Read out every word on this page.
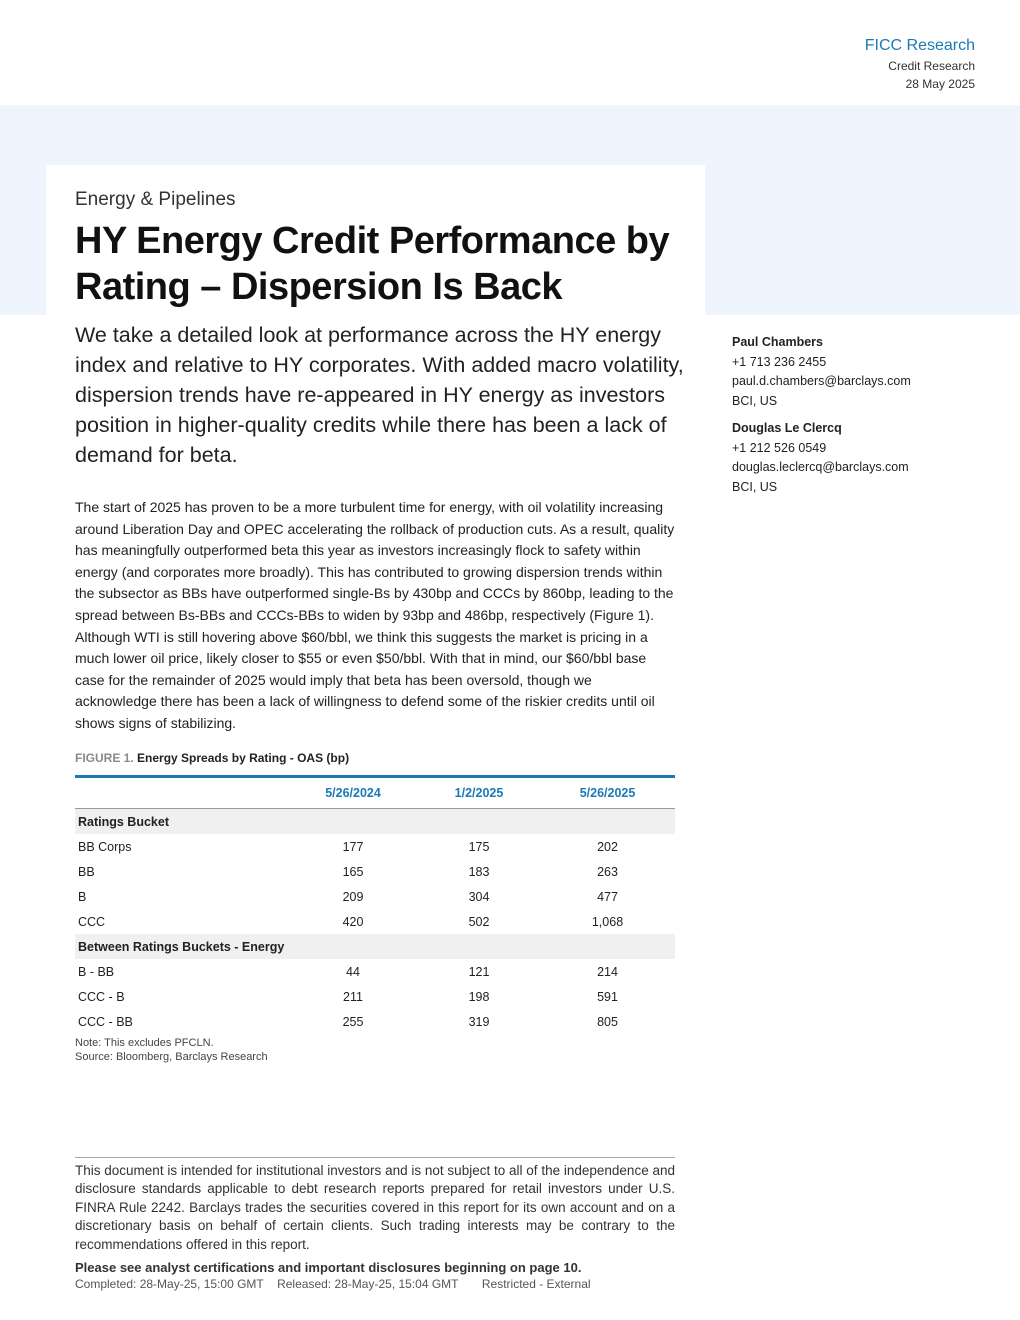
FICC Research
Credit Research
28 May 2025
Energy & Pipelines
HY Energy Credit Performance by Rating – Dispersion Is Back
We take a detailed look at performance across the HY energy index and relative to HY corporates. With added macro volatility, dispersion trends have re-appeared in HY energy as investors position in higher-quality credits while there has been a lack of demand for beta.
Paul Chambers
+1 713 236 2455
paul.d.chambers@barclays.com
BCI, US
Douglas Le Clercq
+1 212 526 0549
douglas.leclercq@barclays.com
BCI, US
The start of 2025 has proven to be a more turbulent time for energy, with oil volatility increasing around Liberation Day and OPEC accelerating the rollback of production cuts. As a result, quality has meaningfully outperformed beta this year as investors increasingly flock to safety within energy (and corporates more broadly). This has contributed to growing dispersion trends within the subsector as BBs have outperformed single-Bs by 430bp and CCCs by 860bp, leading to the spread between Bs-BBs and CCCs-BBs to widen by 93bp and 486bp, respectively (Figure 1). Although WTI is still hovering above $60/bbl, we think this suggests the market is pricing in a much lower oil price, likely closer to $55 or even $50/bbl. With that in mind, our $60/bbl base case for the remainder of 2025 would imply that beta has been oversold, though we acknowledge there has been a lack of willingness to defend some of the riskier credits until oil shows signs of stabilizing.
FIGURE 1. Energy Spreads by Rating - OAS (bp)
5/26/2024	1/2/2025	5/26/2025
Ratings Bucket
BB Corps	177	175	202
BB	165	183	263
B	209	304	477
CCC	420	502	1,068
Between Ratings Buckets - Energy
B - BB	44	121	214
CCC - B	211	198	591
CCC - BB	255	319	805
Note: This excludes PFCLN.
Source: Bloomberg, Barclays Research
This document is intended for institutional investors and is not subject to all of the independence and disclosure standards applicable to debt research reports prepared for retail investors under U.S. FINRA Rule 2242. Barclays trades the securities covered in this report for its own account and on a discretionary basis on behalf of certain clients. Such trading interests may be contrary to the recommendations offered in this report.
Please see analyst certifications and important disclosures beginning on page 10.
Completed: 28-May-25, 15:00 GMT Released: 28-May-25, 15:04 GMT Restricted - External
